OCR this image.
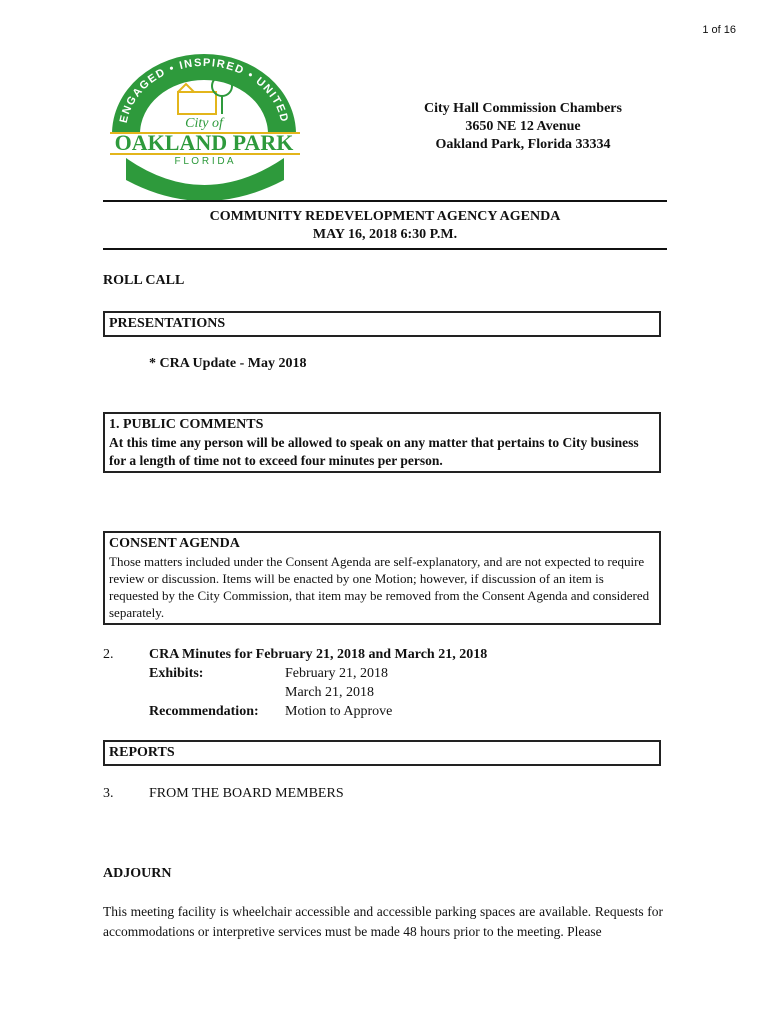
1 of 16
ENGAGED • INSPIRED • UNITED
A CITY ON THE MOVE
City of
OAKLAND PARK
F L O R I D A
City Hall Commission Chambers
3650 NE 12 Avenue
Oakland Park, Florida 33334
COMMUNITY REDEVELOPMENT AGENCY AGENDA
MAY 16, 2018 6:30 P.M.
ROLL CALL
PRESENTATIONS
* CRA Update - May 2018
1. PUBLIC COMMENTS
At this time any person will be allowed to speak on any matter that pertains to City business for a length of time not to exceed four minutes per person.
CONSENT AGENDA
Those matters included under the Consent Agenda are self-explanatory, and are not expected to require review or discussion. Items will be enacted by one Motion; however, if discussion of an item is requested by the City Commission, that item may be removed from the Consent Agenda and considered separately.
2.	CRA Minutes for February 21, 2018 and March 21, 2018
Exhibits:	February 21, 2018
March 21, 2018
Recommendation: Motion to Approve
REPORTS
3.	FROM THE BOARD MEMBERS
ADJOURN
This meeting facility is wheelchair accessible and accessible parking spaces are available. Requests for accommodations or interpretive services must be made 48 hours prior to the meeting. Please
